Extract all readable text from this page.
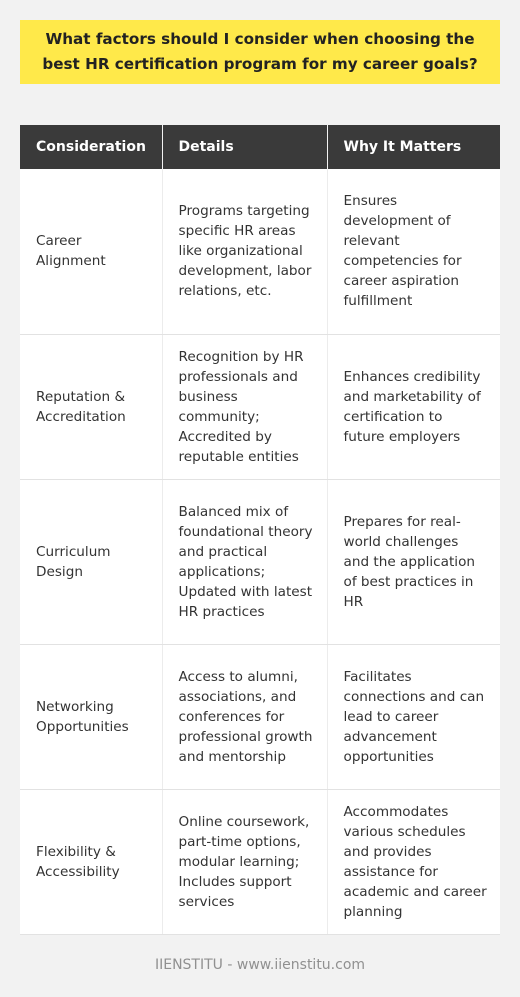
What factors should I consider when choosing the best HR certification program for my career goals?
Consideration	Details	Why It Matters
Career Alignment	Programs targeting specific HR areas like organizational development, labor relations, etc.	Ensures development of relevant competencies for career aspiration fulfillment
Reputation & Accreditation	Recognition by HR professionals and business community; Accredited by reputable entities	Enhances credibility and marketability of certification to future employers
Curriculum Design	Balanced mix of foundational theory and practical applications; Updated with latest HR practices	Prepares for real-world challenges and the application of best practices in HR
Networking Opportunities	Access to alumni, associations, and conferences for professional growth and mentorship	Facilitates connections and can lead to career advancement opportunities
Flexibility & Accessibility	Online coursework, part-time options, modular learning; Includes support services	Accommodates various schedules and provides assistance for academic and career planning
IIENSTITU - www.iienstitu.com
